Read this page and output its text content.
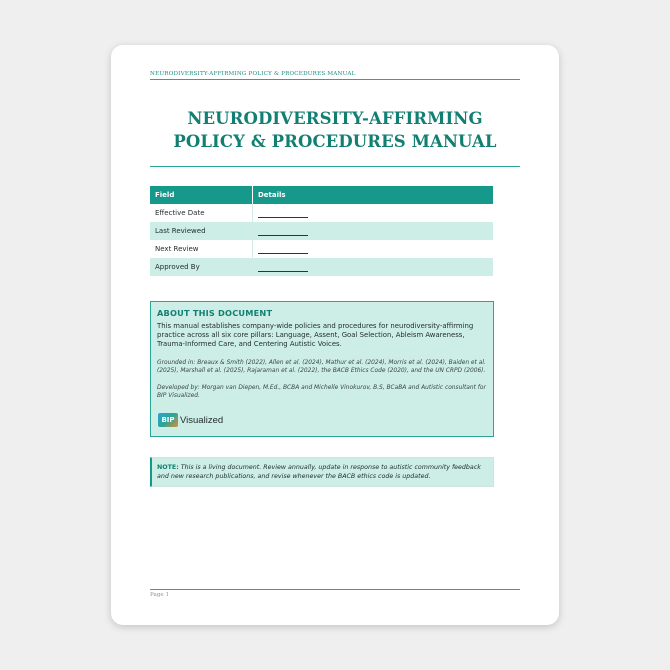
NEURODIVERSITY-AFFIRMING POLICY & PROCEDURES MANUAL
NEURODIVERSITY-AFFIRMING
POLICY & PROCEDURES MANUAL
Field	Details
Effective Date	
Last Reviewed	
Next Review	
Approved By	
ABOUT THIS DOCUMENT

This manual establishes company-wide policies and procedures for neurodiversity-affirming practice across all six core pillars: Language, Assent, Goal Selection, Ableism Awareness, Trauma-Informed Care, and Centering Autistic Voices.

Grounded in: Breaux & Smith (2022), Allen et al. (2024), Mathur et al. (2024), Morris et al. (2024), Baiden et al. (2025), Marshall et al. (2025), Rajaraman et al. (2022), the BACB Ethics Code (2020), and the UN CRPD (2006).

Developed by: Morgan van Diepen, M.Ed., BCBA and Michelle Vinokurov, B.S, BCaBA and Autistic consultant for BIP Visualized.

BIP Visualized
NOTE: This is a living document. Review annually, update in response to autistic community feedback and new research publications, and revise whenever the BACB ethics code is updated.
Page 1
